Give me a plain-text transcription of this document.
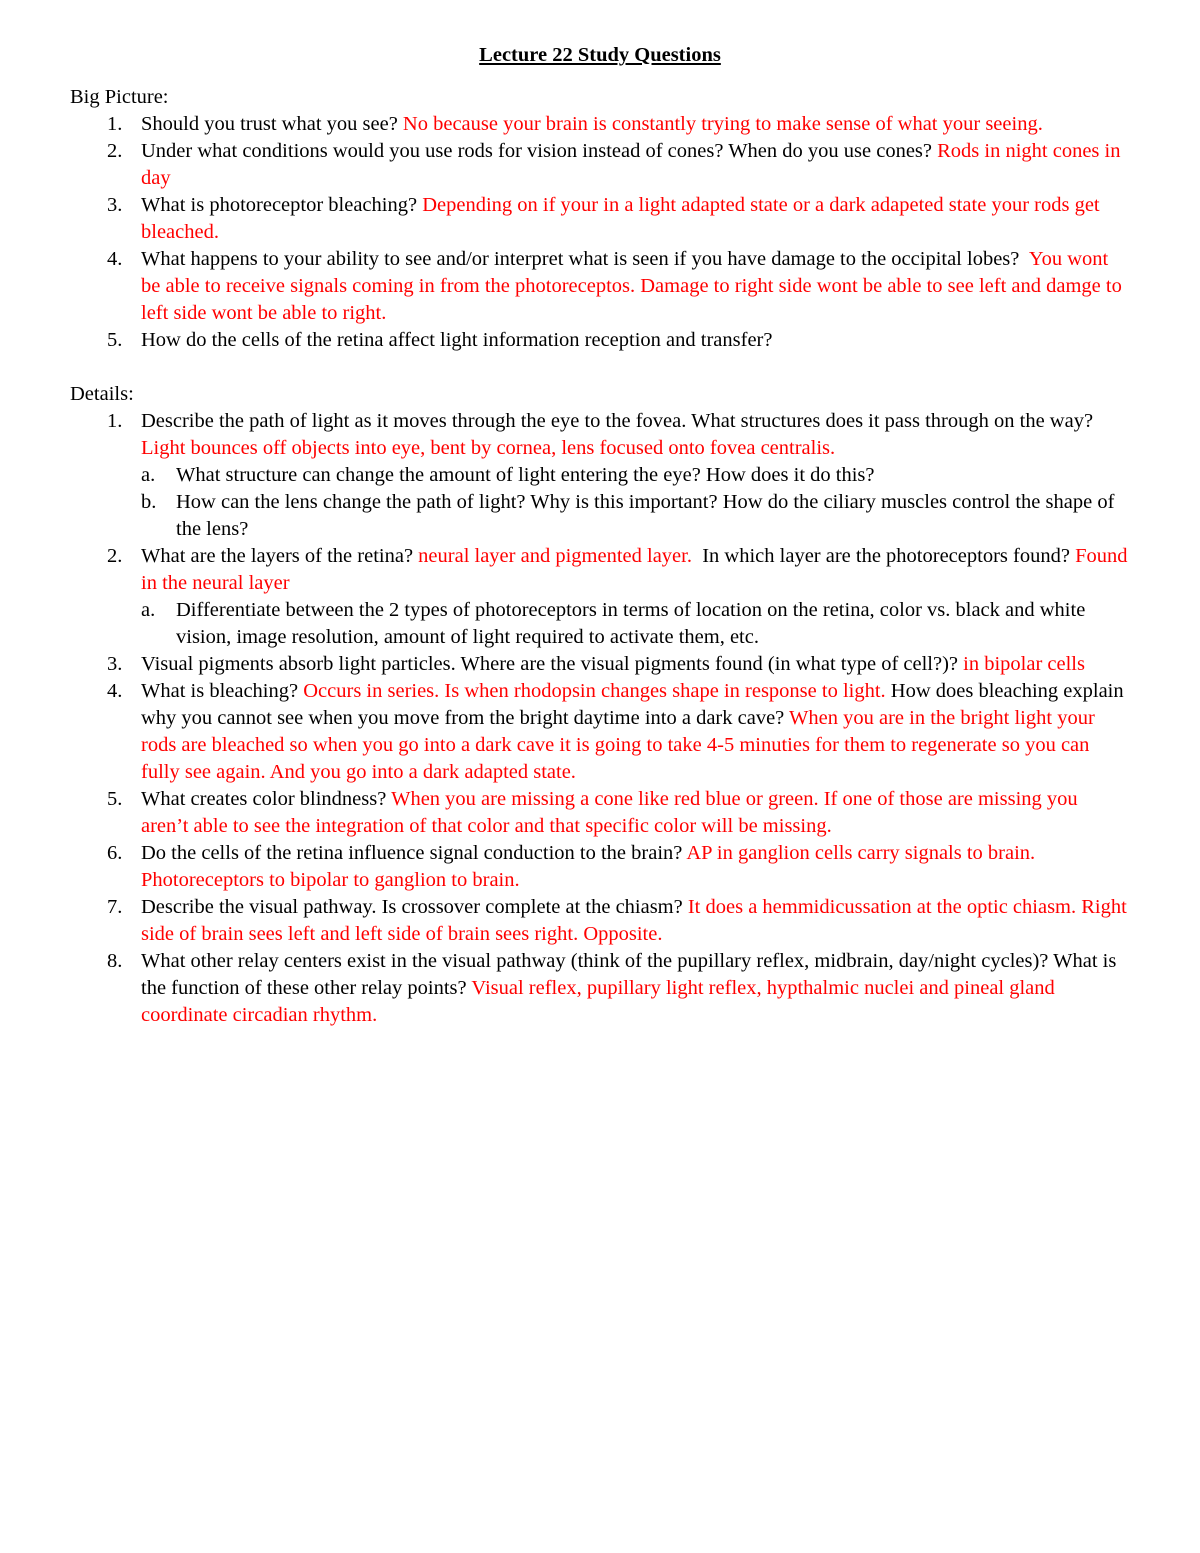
Lecture 22 Study Questions
Big Picture:
1. Should you trust what you see? No because your brain is constantly trying to make sense of what your seeing.
2. Under what conditions would you use rods for vision instead of cones? When do you use cones? Rods in night cones in day
3. What is photoreceptor bleaching? Depending on if your in a light adapted state or a dark adapeted state your rods get bleached.
4. What happens to your ability to see and/or interpret what is seen if you have damage to the occipital lobes?  You wont be able to receive signals coming in from the photoreceptos. Damage to right side wont be able to see left and damge to left side wont be able to right.
5. How do the cells of the retina affect light information reception and transfer?
Details:
1. Describe the path of light as it moves through the eye to the fovea. What structures does it pass through on the way? Light bounces off objects into eye, bent by cornea, lens focused onto fovea centralis.
a. What structure can change the amount of light entering the eye? How does it do this?
b. How can the lens change the path of light? Why is this important? How do the ciliary muscles control the shape of the lens?
2. What are the layers of the retina? neural layer and pigmented layer.  In which layer are the photoreceptors found? Found in the neural layer
a. Differentiate between the 2 types of photoreceptors in terms of location on the retina, color vs. black and white vision, image resolution, amount of light required to activate them, etc.
3. Visual pigments absorb light particles. Where are the visual pigments found (in what type of cell?)? in bipolar cells
4. What is bleaching? Occurs in series. Is when rhodopsin changes shape in response to light. How does bleaching explain why you cannot see when you move from the bright daytime into a dark cave? When you are in the bright light your rods are bleached so when you go into a dark cave it is going to take 4-5 minuties for them to regenerate so you can fully see again. And you go into a dark adapted state.
5. What creates color blindness? When you are missing a cone like red blue or green. If one of those are missing you aren’t able to see the integration of that color and that specific color will be missing.
6. Do the cells of the retina influence signal conduction to the brain? AP in ganglion cells carry signals to brain. Photoreceptors to bipolar to ganglion to brain.
7. Describe the visual pathway. Is crossover complete at the chiasm? It does a hemmidicussation at the optic chiasm. Right side of brain sees left and left side of brain sees right. Opposite.
8. What other relay centers exist in the visual pathway (think of the pupillary reflex, midbrain, day/night cycles)? What is the function of these other relay points? Visual reflex, pupillary light reflex, hypthalmic nuclei and pineal gland coordinate circadian rhythm.
